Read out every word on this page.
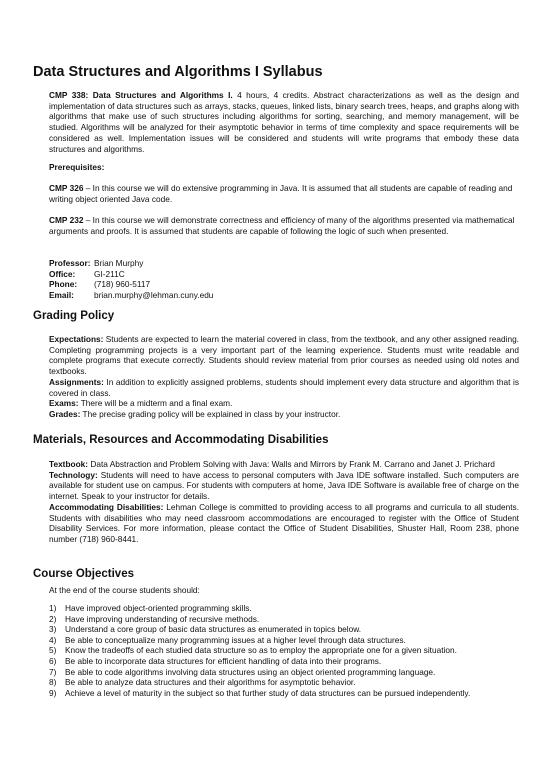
Data Structures and Algorithms I Syllabus

CMP 338: Data Structures and Algorithms I. 4 hours, 4 credits. Abstract characterizations as well as the design and implementation of data structures such as arrays, stacks, queues, linked lists, binary search trees, heaps, and graphs along with algorithms that make use of such structures including algorithms for sorting, searching, and memory management, will be studied. Algorithms will be analyzed for their asymptotic behavior in terms of time complexity and space requirements will be considered as well. Implementation issues will be considered and students will write programs that embody these data structures and algorithms.

Prerequisites:

CMP 326 – In this course we will do extensive programming in Java. It is assumed that all students are capable of reading and writing object oriented Java code.
CMP 232 – In this course we will demonstrate correctness and efficiency of many of the algorithms presented via mathematical arguments and proofs. It is assumed that students are capable of following the logic of such when presented.
Professor: Brian Murphy
Office:	GI-211C
Phone:	(718) 960-5117
Email:	brian.murphy@lehman.cuny.edu
Grading Policy
Expectations: Students are expected to learn the material covered in class, from the textbook, and any other assigned reading. Completing programming projects is a very important part of the learning experience. Students must write readable and complete programs that execute correctly. Students should review material from prior courses as needed using old notes and textbooks.
Assignments: In addition to explicitly assigned problems, students should implement every data structure and algorithm that is covered in class.
Exams: There will be a midterm and a final exam.
Grades: The precise grading policy will be explained in class by your instructor.
Materials, Resources and Accommodating Disabilities
Textbook: Data Abstraction and Problem Solving with Java: Walls and Mirrors by Frank M. Carrano and Janet J. Prichard
Technology: Students will need to have access to personal computers with Java IDE software installed. Such computers are available for student use on campus. For students with computers at home, Java IDE Software is available free of charge on the internet. Speak to your instructor for details.
Accommodating Disabilities: Lehman College is committed to providing access to all programs and curricula to all students. Students with disabilities who may need classroom accommodations are encouraged to register with the Office of Student Disability Services. For more information, please contact the Office of Student Disabilities, Shuster Hall, Room 238, phone number (718) 960-8441.
Course Objectives

At the end of the course students should:

1)	Have improved object-oriented programming skills.
2)	Have improving understanding of recursive methods.
3)	Understand a core group of basic data structures as enumerated in topics below.
4)	Be able to conceptualize many programming issues at a higher level through data structures.
5)	Know the tradeoffs of each studied data structure so as to employ the appropriate one for a given situation.
6)	Be able to incorporate data structures for efficient handling of data into their programs.
7)	Be able to code algorithms involving data structures using an object oriented programming language.
8)	Be able to analyze data structures and their algorithms for asymptotic behavior.
9)	Achieve a level of maturity in the subject so that further study of data structures can be pursued independently.
